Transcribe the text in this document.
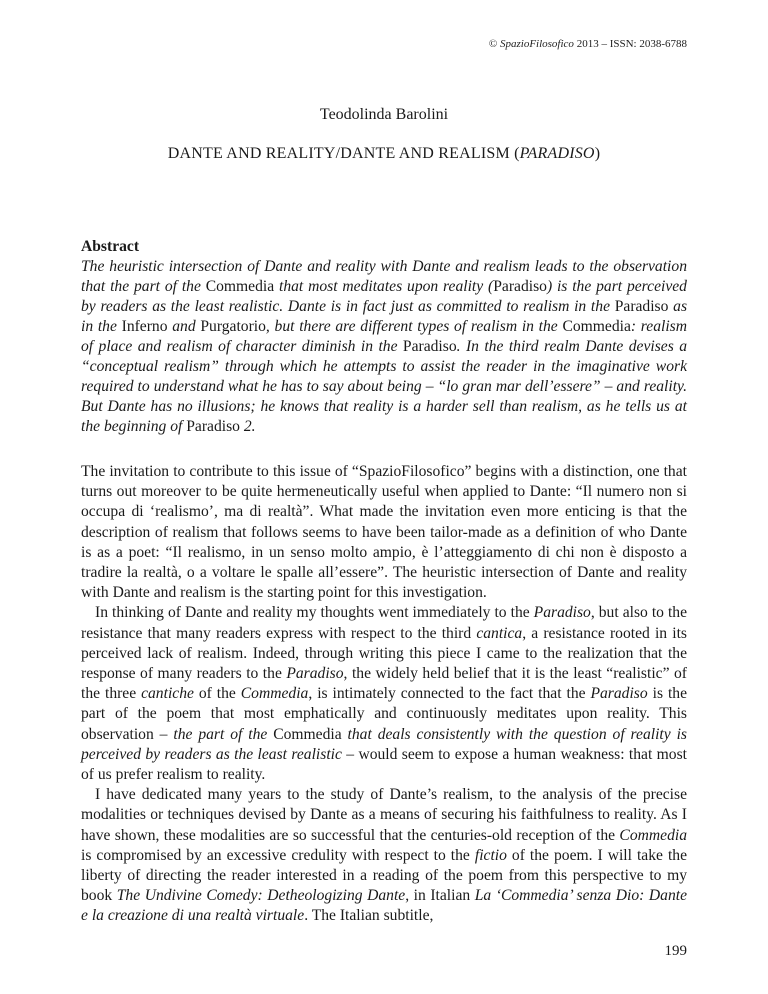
© SpazioFilosofico 2013 – ISSN: 2038-6788
Teodolinda Barolini
DANTE AND REALITY/DANTE AND REALISM (PARADISO)

Abstract

The heuristic intersection of Dante and reality with Dante and realism leads to the observation that the part of the Commedia that most meditates upon reality (Paradiso) is the part perceived by readers as the least realistic. Dante is in fact just as committed to realism in the Paradiso as in the Inferno and Purgatorio, but there are different types of realism in the Commedia: realism of place and realism of character diminish in the Paradiso. In the third realm Dante devises a “conceptual realism” through which he attempts to assist the reader in the imaginative work required to understand what he has to say about being – “lo gran mar dell’essere” – and reality. But Dante has no illusions; he knows that reality is a harder sell than realism, as he tells us at the beginning of Paradiso 2.

The invitation to contribute to this issue of “SpazioFilosofico” begins with a distinction, one that turns out moreover to be quite hermeneutically useful when applied to Dante: “Il numero non si occupa di ‘realismo’, ma di realtà”. What made the invitation even more enticing is that the description of realism that follows seems to have been tailor-made as a definition of who Dante is as a poet: “Il realismo, in un senso molto ampio, è l’atteggiamento di chi non è disposto a tradire la realtà, o a voltare le spalle all’essere”. The heuristic intersection of Dante and reality with Dante and realism is the starting point for this investigation.

In thinking of Dante and reality my thoughts went immediately to the Paradiso, but also to the resistance that many readers express with respect to the third cantica, a resistance rooted in its perceived lack of realism. Indeed, through writing this piece I came to the realization that the response of many readers to the Paradiso, the widely held belief that it is the least “realistic” of the three cantiche of the Commedia, is intimately connected to the fact that the Paradiso is the part of the poem that most emphatically and continuously meditates upon reality. This observation – the part of the Commedia that deals consistently with the question of reality is perceived by readers as the least realistic – would seem to expose a human weakness: that most of us prefer realism to reality.

I have dedicated many years to the study of Dante’s realism, to the analysis of the precise modalities or techniques devised by Dante as a means of securing his faithfulness to reality. As I have shown, these modalities are so successful that the centuries-old reception of the Commedia is compromised by an excessive credulity with respect to the fictio of the poem. I will take the liberty of directing the reader interested in a reading of the poem from this perspective to my book The Undivine Comedy: Detheologizing Dante, in Italian La ‘Commedia’ senza Dio: Dante e la creazione di una realtà virtuale. The Italian subtitle,

199
